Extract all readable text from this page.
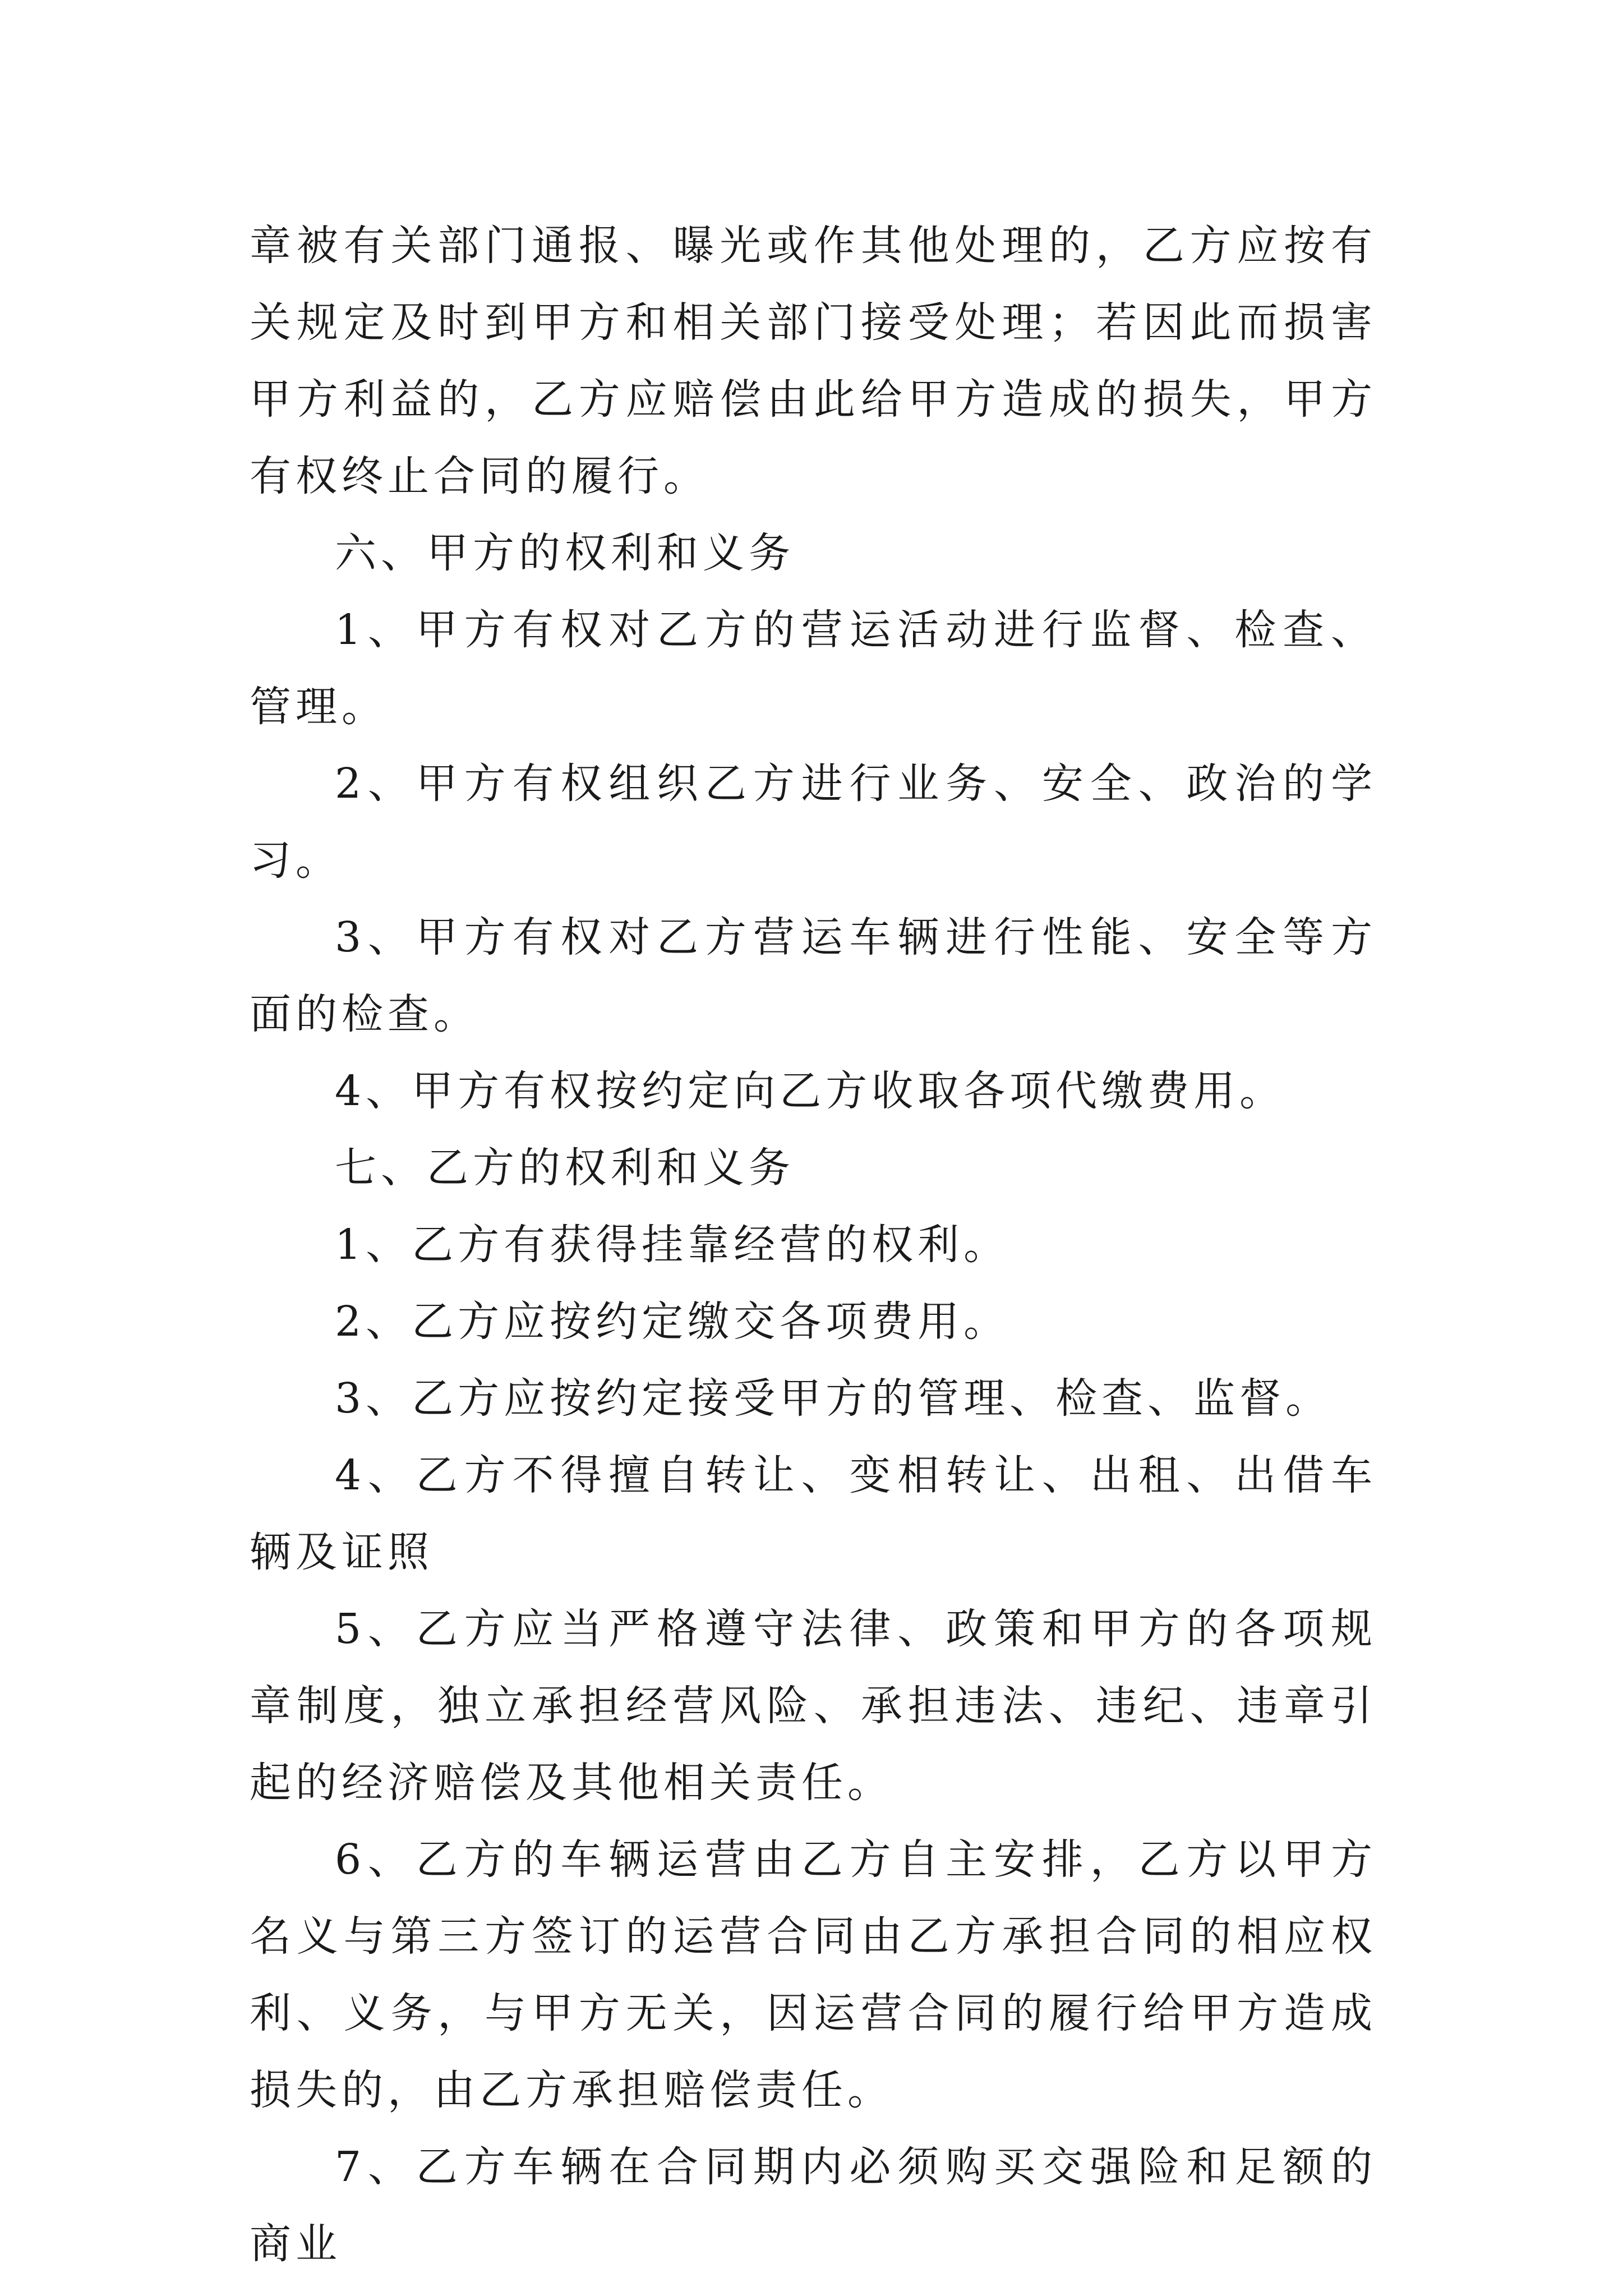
章被有关部门通报、曝光或作其他处理的，乙方应按有关规定及时到甲方和相关部门接受处理；若因此而损害甲方利益的，乙方应赔偿由此给甲方造成的损失，甲方有权终止合同的履行。

六、甲方的权利和义务

1、甲方有权对乙方的营运活动进行监督、检查、管理。

2、甲方有权组织乙方进行业务、安全、政治的学习。

3、甲方有权对乙方营运车辆进行性能、安全等方面的检查。

4、甲方有权按约定向乙方收取各项代缴费用。

七、乙方的权利和义务

1、乙方有获得挂靠经营的权利。

2、乙方应按约定缴交各项费用。

3、乙方应按约定接受甲方的管理、检查、监督。

4、乙方不得擅自转让、变相转让、出租、出借车辆及证照

5、乙方应当严格遵守法律、政策和甲方的各项规章制度，独立承担经营风险、承担违法、违纪、违章引起的经济赔偿及其他相关责任。

6、乙方的车辆运营由乙方自主安排，乙方以甲方名义与第三方签订的运营合同由乙方承担合同的相应权利、义务，与甲方无关，因运营合同的履行给甲方造成损失的，由乙方承担赔偿责任。

7、乙方车辆在合同期内必须购买交强险和足额的商业
